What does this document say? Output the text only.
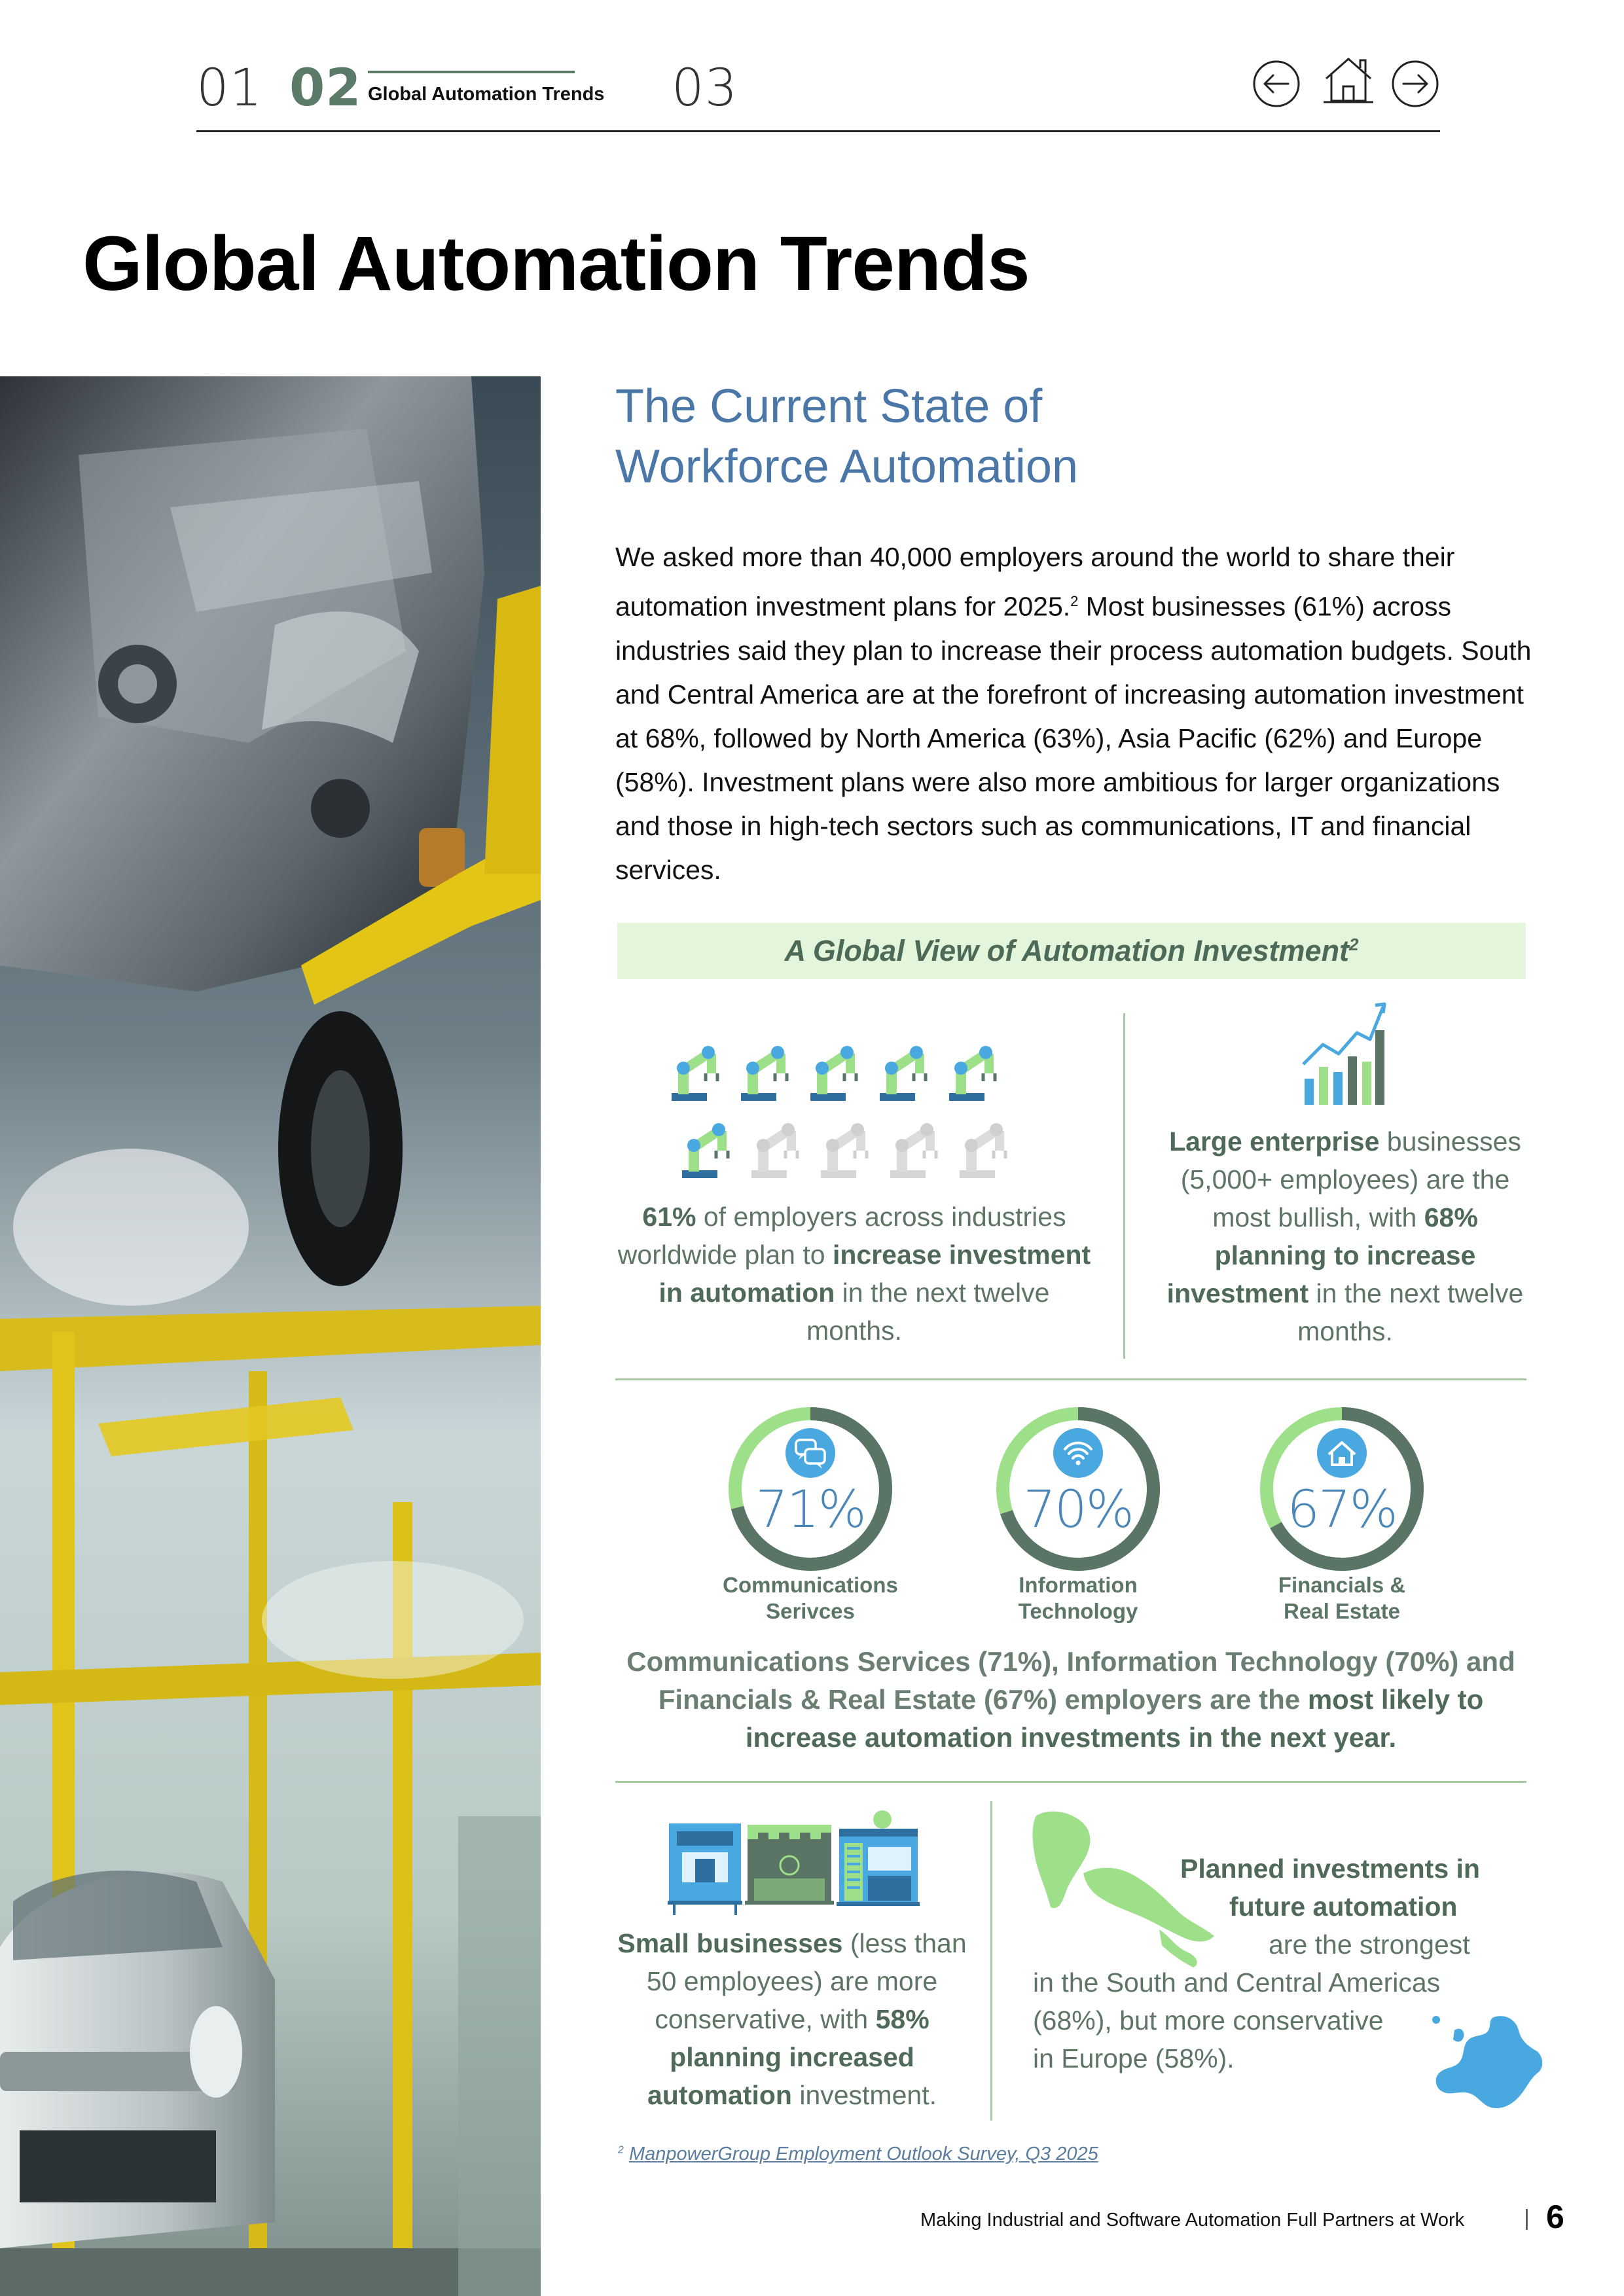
01 02 Global Automation Trends 03
Global Automation Trends
The Current State of
Workforce Automation

We asked more than 40,000 employers around the world to share their automation investment plans for 2025.$^2$ Most businesses (61%) across industries said they plan to increase their process automation budgets. South and Central America are at the forefront of increasing automation investment at 68%, followed by North America (63%), Asia Pacific (62%) and Europe (58%). Investment plans were also more ambitious for larger organizations and those in high-tech sectors such as communications, IT and financial services.

A Global View of Automation Investment$^2$
61% of employers across industries worldwide plan to increase investment in automation in the next twelve months.
Large enterprise businesses (5,000+ employees) are the most bullish, with 68% planning to increase investment in the next twelve months.
71%	70%	67%
Communications
Serivces
Information
Technology
Financials &
Real Estate
Communications Services (71%), Information Technology (70%) and Financials & Real Estate (67%) employers are the most likely to increase automation investments in the next year.
Small businesses (less than 50 employees) are more conservative, with 58% planning increased automation investment.
Planned investments in
future automation
are the strongest
in the South and Central Americas
(68%), but more conservative
in Europe (58%).
$^2$ ManpowerGroup Employment Outlook Survey, Q3 2025
Making Industrial and Software Automation Full Partners at Work	| 6
